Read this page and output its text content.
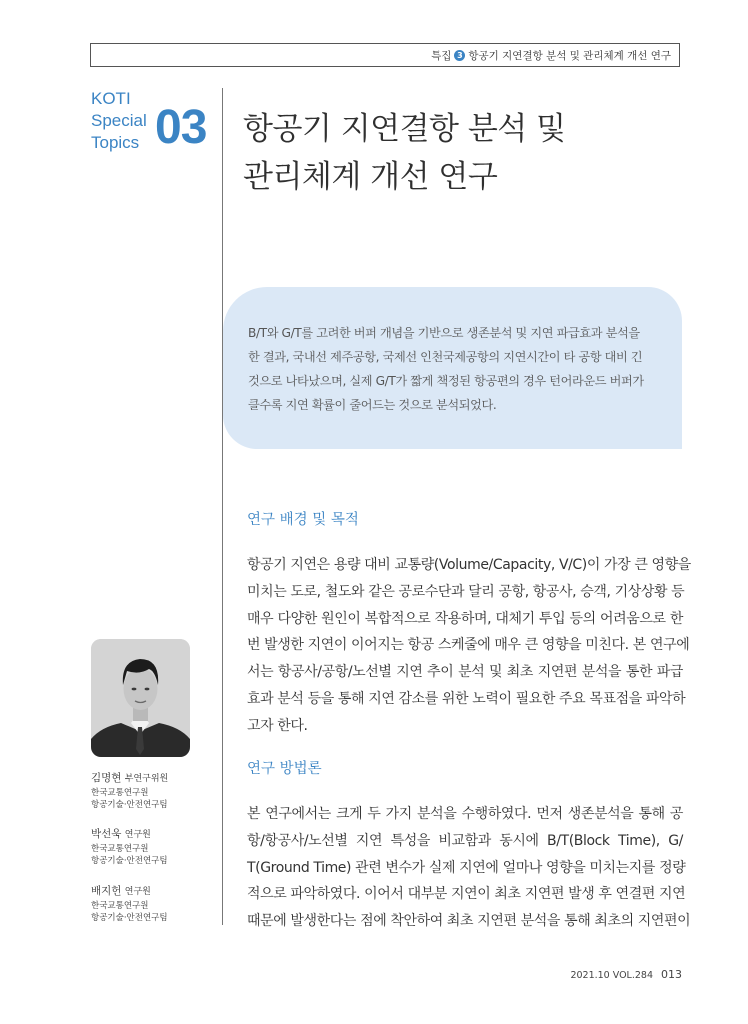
특집 3 항공기 지연결항 분석 및 관리체계 개선 연구
KOTI
Special
Topics 03 항공기 지연결항 분석 및
관리체계 개선 연구
B/T와 G/T를 고려한 버퍼 개념을 기반으로 생존분석 및 지연 파급효과 분석을
한 결과, 국내선 제주공항, 국제선 인천국제공항의 지연시간이 타 공항 대비 긴
것으로 나타났으며, 실제 G/T가 짧게 책정된 항공편의 경우 턴어라운드 버퍼가
클수록 지연 확률이 줄어드는 것으로 분석되었다.
연구 배경 및 목적
항공기 지연은 용량 대비 교통량(Volume/Capacity, V/C)이 가장 큰 영향을
미치는 도로, 철도와 같은 공로수단과 달리 공항, 항공사, 승객, 기상상황 등
매우 다양한 원인이 복합적으로 작용하며, 대체기 투입 등의 어려움으로 한
번 발생한 지연이 이어지는 항공 스케줄에 매우 큰 영향을 미친다. 본 연구에
서는 항공사/공항/노선별 지연 추이 분석 및 최초 지연편 분석을 통한 파급
효과 분석 등을 통해 지연 감소를 위한 노력이 필요한 주요 목표점을 파악하
고자 한다.
연구 방법론
본 연구에서는 크게 두 가지 분석을 수행하였다. 먼저 생존분석을 통해 공
항/항공사/노선별 지연 특성을 비교함과 동시에 B/T(Block Time), G/
T(Ground Time) 관련 변수가 실제 지연에 얼마나 영향을 미치는지를 정량
적으로 파악하였다. 이어서 대부분 지연이 최초 지연편 발생 후 연결편 지연
때문에 발생한다는 점에 착안하여 최초 지연편 분석을 통해 최초의 지연편이
김명현 부연구위원
한국교통연구원
항공기술·안전연구팀
박선욱 연구원
한국교통연구원
항공기술·안전연구팀
배지헌 연구원
한국교통연구원
항공기술·안전연구팀
2021.10 VOL.284 013
